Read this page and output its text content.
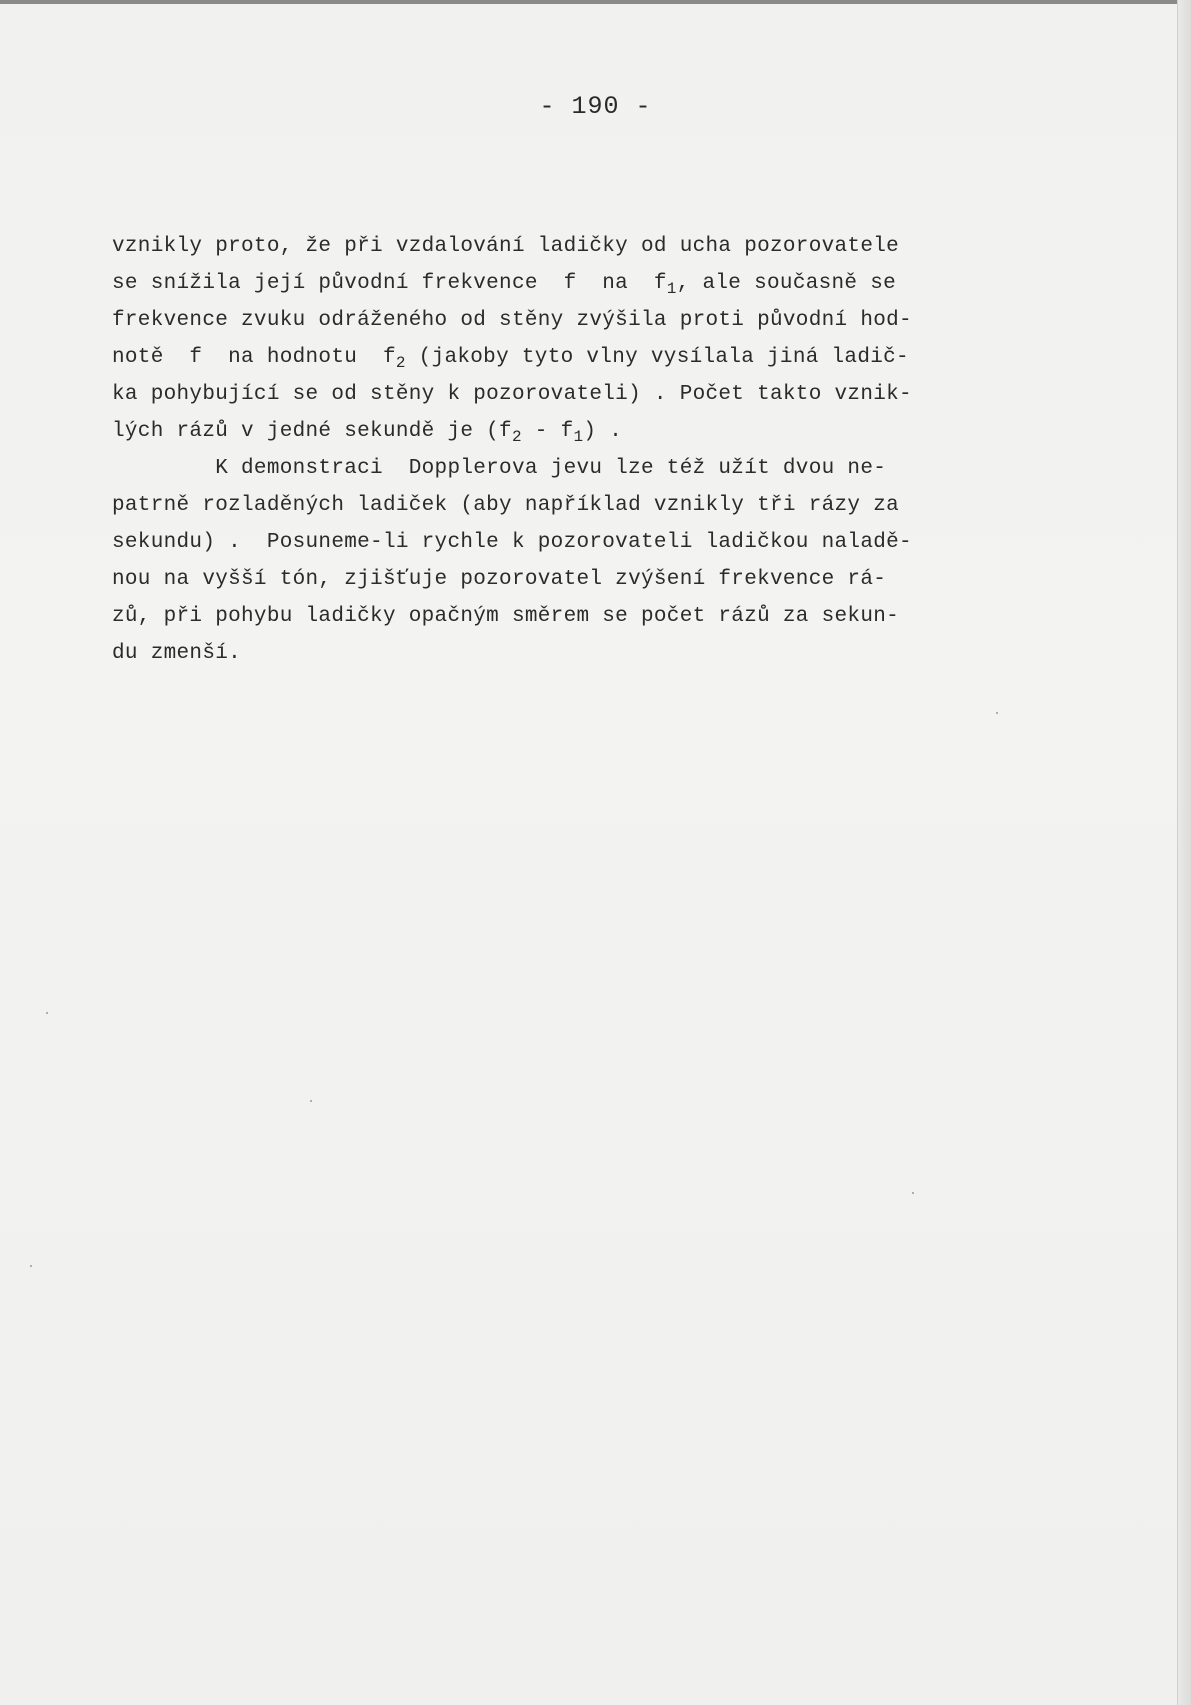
- 190 -
vznikly proto, že při vzdalování ladičky od ucha pozorovatele
se snížila její původní frekvence  f  na  $f_1$, ale současně se
frekvence zvuku odráženého od stěny zvýšila proti původní hod-
notě  f  na hodnotu  $f_2$ (jakoby tyto vlny vysílala jiná ladič-
ka pohybující se od stěny k pozorovateli) . Počet takto vznik-
lých rázů v jedné sekundě je $(f_2 - f_1)$ .
K demonstraci  Dopplerova jevu lze též užít dvou ne-
patrně rozladěných ladiček (aby například vznikly tři rázy za
sekundu) .  Posuneme-li rychle k pozorovateli ladičkou naladě-
nou na vyšší tón, zjišťuje pozorovatel zvýšení frekvence rá-
zů, při pohybu ladičky opačným směrem se počet rázů za sekun-
du zmenší.
